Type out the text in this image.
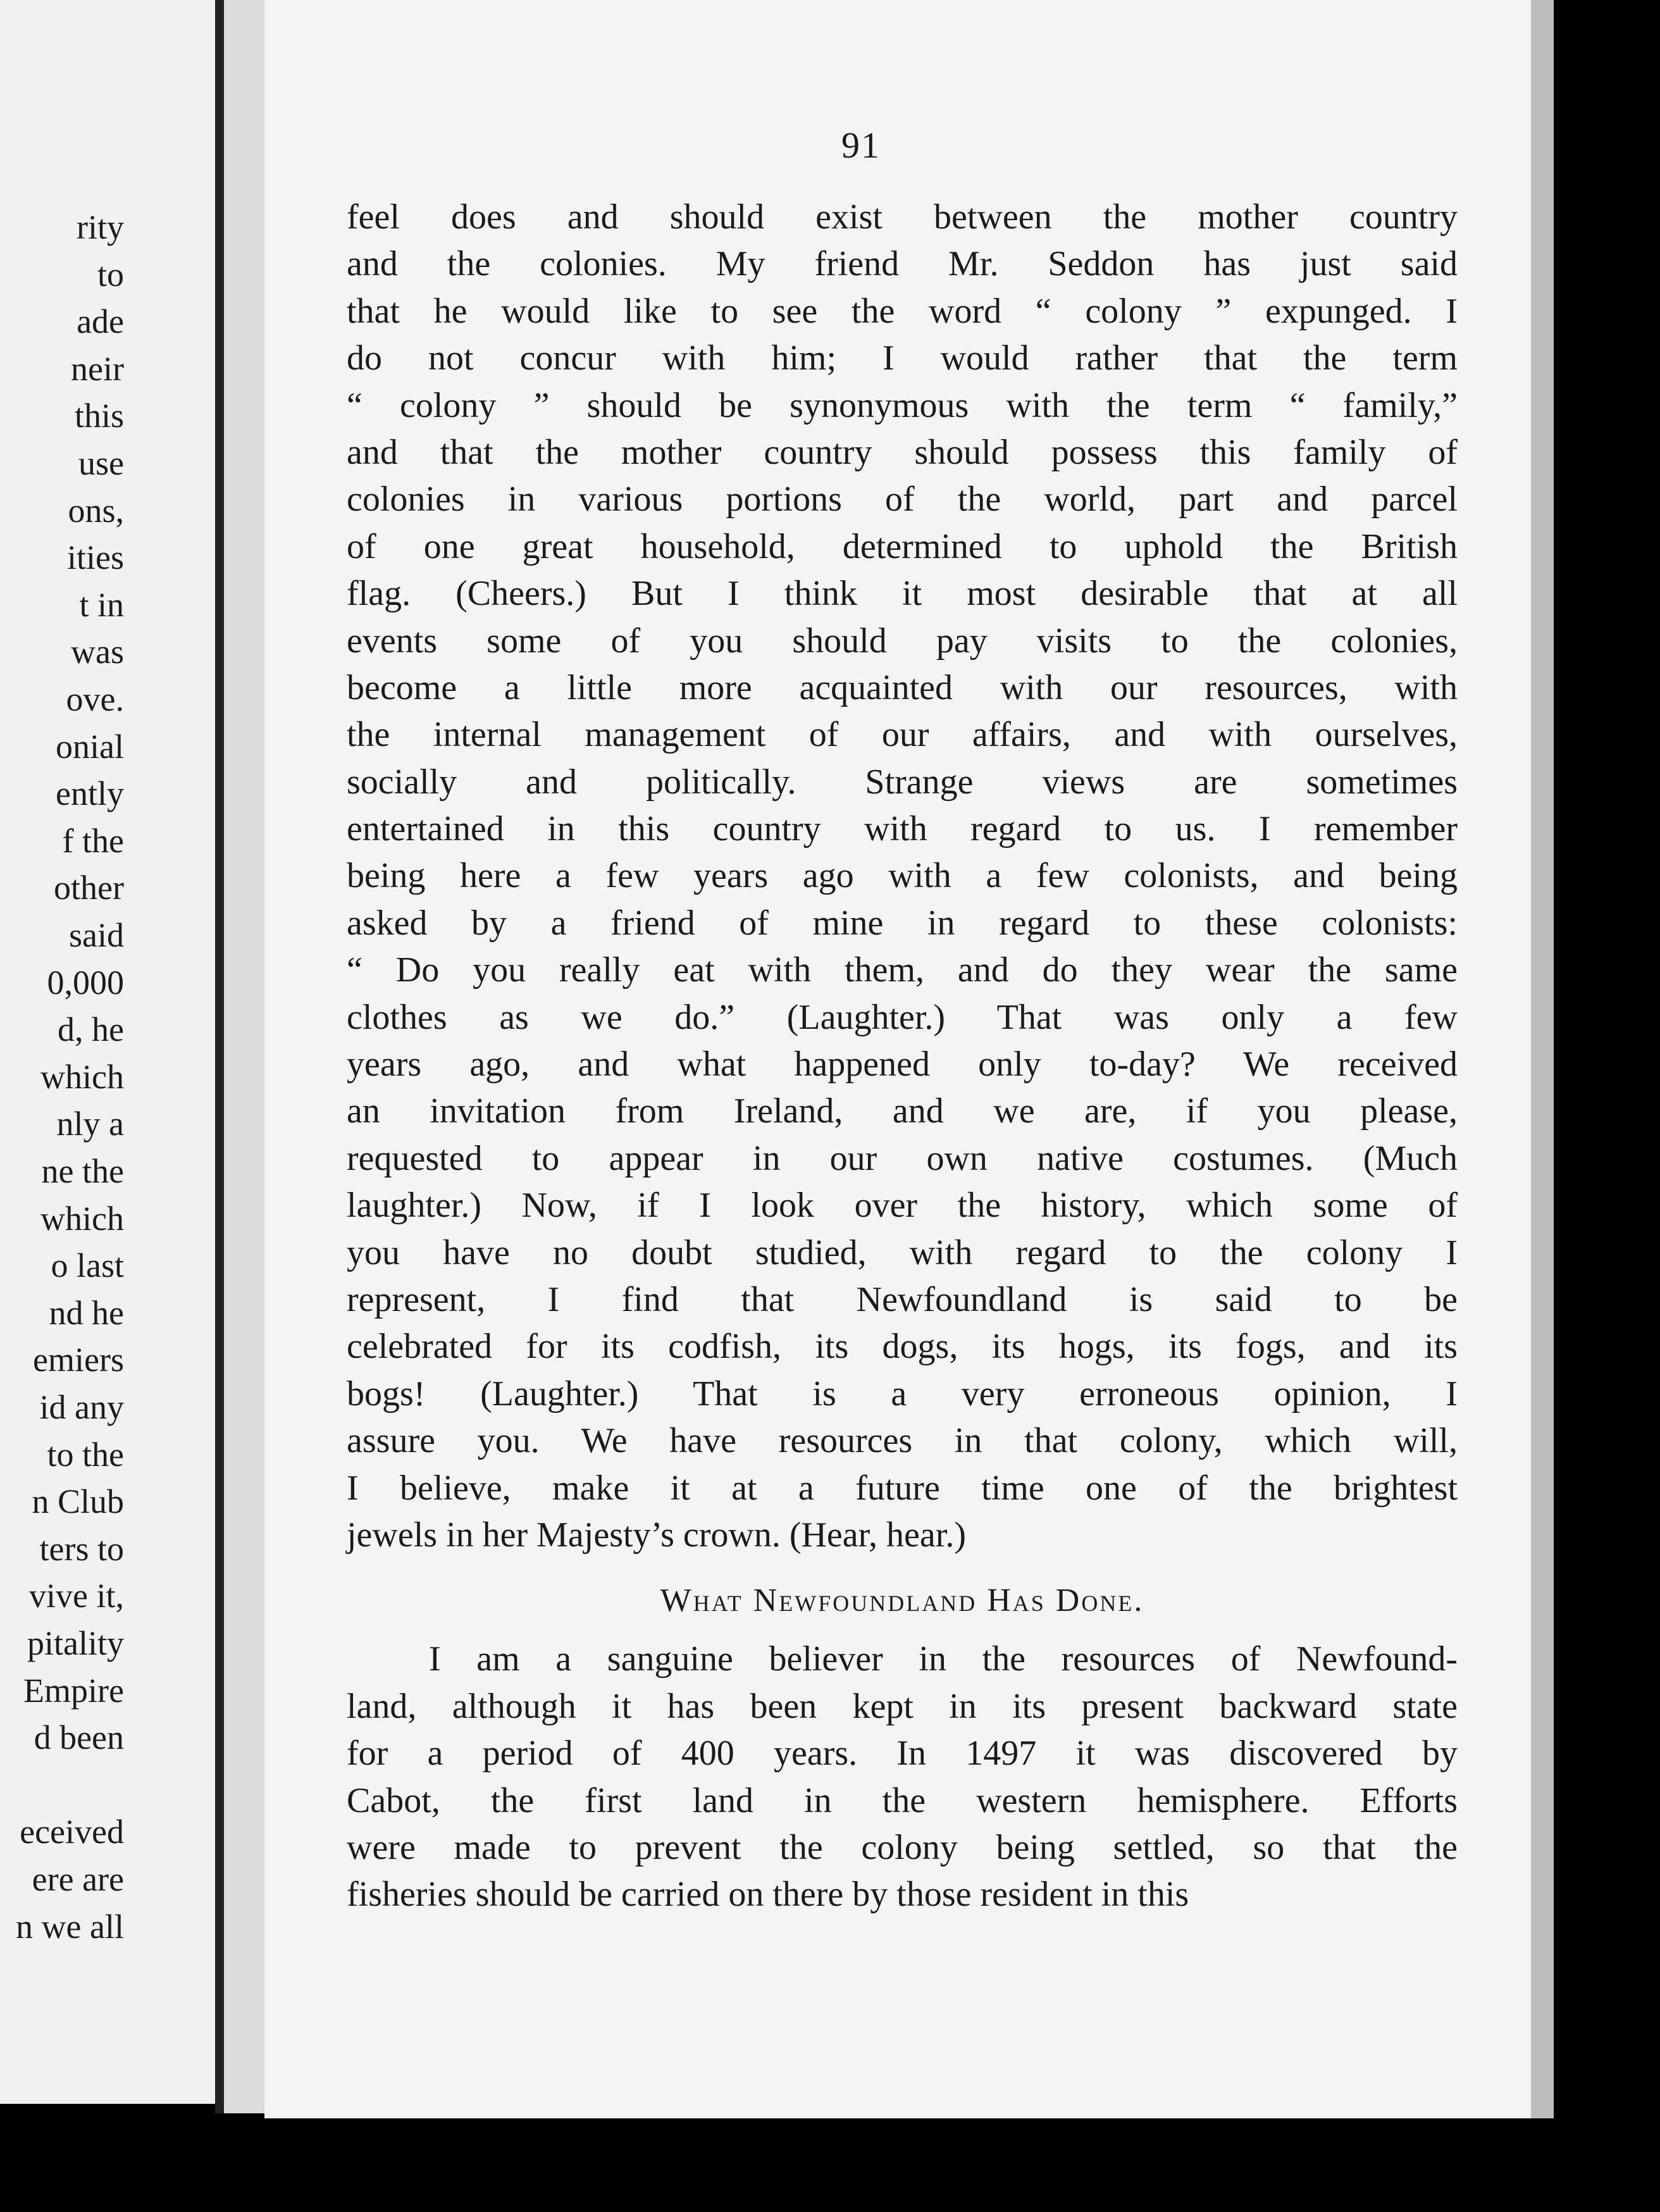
rity
to
ade
neir
this
use
ons,
ities
t in
was
ove.
onial
ently
f the
other
said
0,000
d, he
which
nly a
ne the
which
o last
nd he
emiers
id any
to the
n Club
ters to
vive it,
pitality
Empire
d been
eceived
ere are
n we all
91
feel does and should exist between the mother country
and the colonies. My friend Mr. Seddon has just said
that he would like to see the word “ colony ” expunged. I
do not concur with him; I would rather that the term
“ colony ” should be synonymous with the term “ family,”
and that the mother country should possess this family of
colonies in various portions of the world, part and parcel
of one great household, determined to uphold the British
flag. (Cheers.) But I think it most desirable that at all
events some of you should pay visits to the colonies,
become a little more acquainted with our resources, with
the internal management of our affairs, and with ourselves,
socially and politically. Strange views are sometimes
entertained in this country with regard to us. I remember
being here a few years ago with a few colonists, and being
asked by a friend of mine in regard to these colonists:
“ Do you really eat with them, and do they wear the same
clothes as we do.” (Laughter.) That was only a few
years ago, and what happened only to-day? We received
an invitation from Ireland, and we are, if you please,
requested to appear in our own native costumes. (Much
laughter.) Now, if I look over the history, which some of
you have no doubt studied, with regard to the colony I
represent, I find that Newfoundland is said to be
celebrated for its codfish, its dogs, its hogs, its fogs, and its
bogs! (Laughter.) That is a very erroneous opinion, I
assure you. We have resources in that colony, which will,
I believe, make it at a future time one of the brightest
jewels in her Majesty’s crown. (Hear, hear.)
What Newfoundland Has Done.
I am a sanguine believer in the resources of Newfound-
land, although it has been kept in its present backward state
for a period of 400 years. In 1497 it was discovered by
Cabot, the first land in the western hemisphere. Efforts
were made to prevent the colony being settled, so that the
fisheries should be carried on there by those resident in this
